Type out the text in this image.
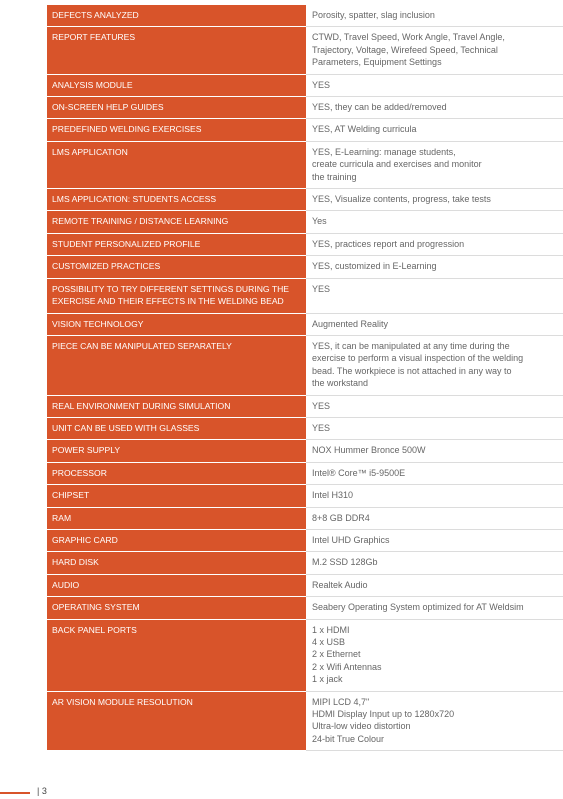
DEFECTS ANALYZED	Porosity, spatter, slag inclusion
REPORT FEATURES	CTWD, Travel Speed, Work Angle, Travel Angle,
Trajectory, Voltage, Wirefeed Speed, Technical
Parameters, Equipment Settings
ANALYSIS MODULE	YES
ON-SCREEN HELP GUIDES	YES, they can be added/removed
PREDEFINED WELDING EXERCISES	YES, AT Welding curricula
LMS APPLICATION	YES, E-Learning: manage students,
create curricula and exercises and monitor
the training
LMS APPLICATION: STUDENTS ACCESS	YES, Visualize contents, progress, take tests
REMOTE TRAINING / DISTANCE LEARNING	Yes
STUDENT PERSONALIZED PROFILE	YES, practices report and progression
CUSTOMIZED PRACTICES	YES, customized in E-Learning
POSSIBILITY TO TRY DIFFERENT SETTINGS DURING THE EXERCISE AND THEIR EFFECTS IN THE WELDING BEAD	YES
VISION TECHNOLOGY	Augmented Reality
PIECE CAN BE MANIPULATED SEPARATELY	YES, it can be manipulated at any time during the
exercise to perform a visual inspection of the welding
bead. The workpiece is not attached in any way to
the workstand
REAL ENVIRONMENT DURING SIMULATION	YES
UNIT CAN BE USED WITH GLASSES	YES
POWER SUPPLY	NOX Hummer Bronce 500W
PROCESSOR	Intel® Core™ i5-9500E
CHIPSET	Intel H310
RAM	8+8 GB DDR4
GRAPHIC CARD	Intel UHD Graphics
HARD DISK	M.2 SSD 128Gb
AUDIO	Realtek Audio
OPERATING SYSTEM	Seabery Operating System optimized for AT Weldsim
BACK PANEL PORTS	1 x HDMI
4 x USB
2 x Ethernet
2 x Wifi Antennas
1 x jack
AR VISION MODULE RESOLUTION	MIPI LCD 4,7"
HDMI Display Input up to 1280x720
Ultra-low video distortion
24-bit True Colour
| 3
